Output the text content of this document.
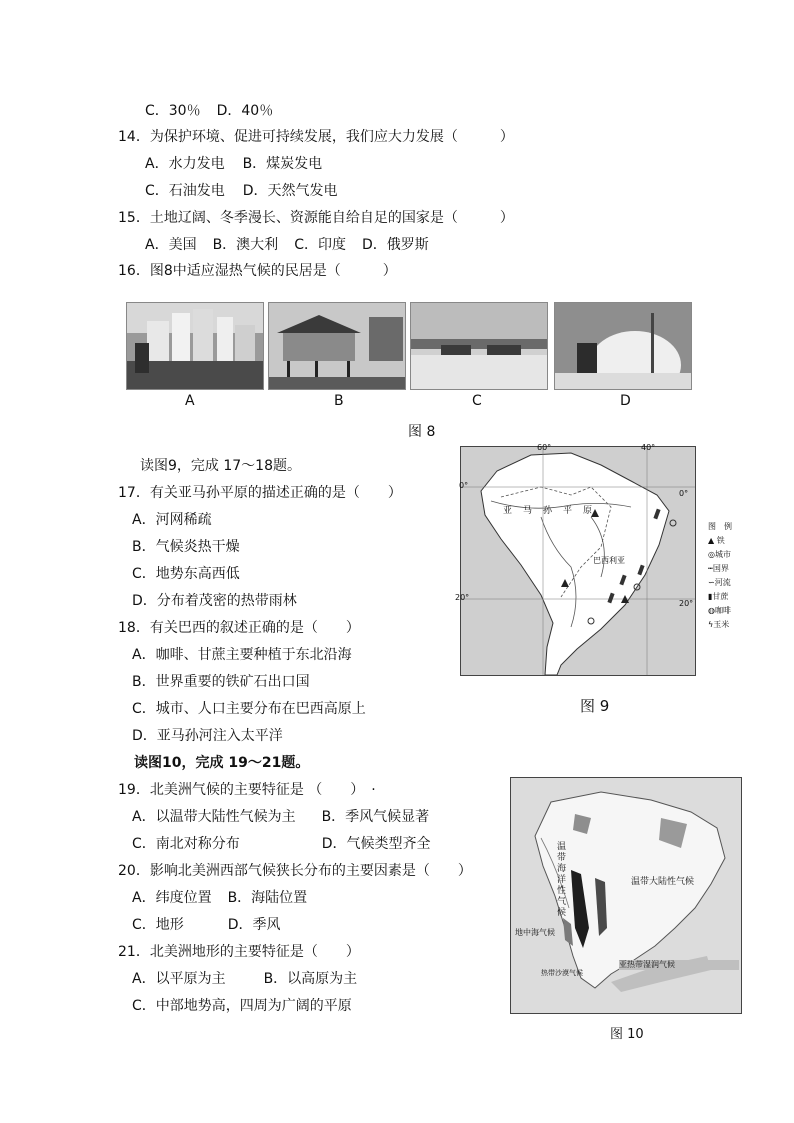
C．30％ D．40％
14．为保护环境、促进可持续发展，我们应大力发展（　　　）
A．水力发电 B．煤炭发电
C．石油发电 D．天然气发电
15．土地辽阔、冬季漫长、资源能自给自足的国家是（　　　）
A．美国 B．澳大利 C．印度 D．俄罗斯
16．图8中适应湿热气候的民居是（　　　）
A	B	C	D
图 8
读图9，完成 17～18题。
17．有关亚马孙平原的描述正确的是（　　）
A．河网稀疏
B．气候炎热干燥
C．地势东高西低
D．分布着茂密的热带雨林
18．有关巴西的叙述正确的是（　　）
A．咖啡、甘蔗主要种植于东北沿海
B．世界重要的铁矿石出口国
C．城市、人口主要分布在巴西高原上
D．亚马孙河注入太平洋
60°	40°
0°
0°
20°
20°
亚 马 孙 平 原
巴西利亚
图　例
▲ 铁
◎城市
┅国界
∽河流
▮甘蔗
◍咖啡
ϟ玉米
图 9
读图10，完成 19～21题。
19．北美洲气候的主要特征是 （　　）　·
A．以温带大陆性气候为主 B．季风气候显著
C．南北对称分布	D．气候类型齐全
20．影响北美洲西部气候狭长分布的主要因素是（　　）
A．纬度位置 B．海陆位置
C．地形	D．季风
21．北美洲地形的主要特征是（　　）
A．以平原为主	B．以高原为主
C．中部地势高，四周为广阔的平原
温带海洋性气候
地中海气候
亚热带湿润气候
温带大陆性气候
热带沙漠气候
图 10
